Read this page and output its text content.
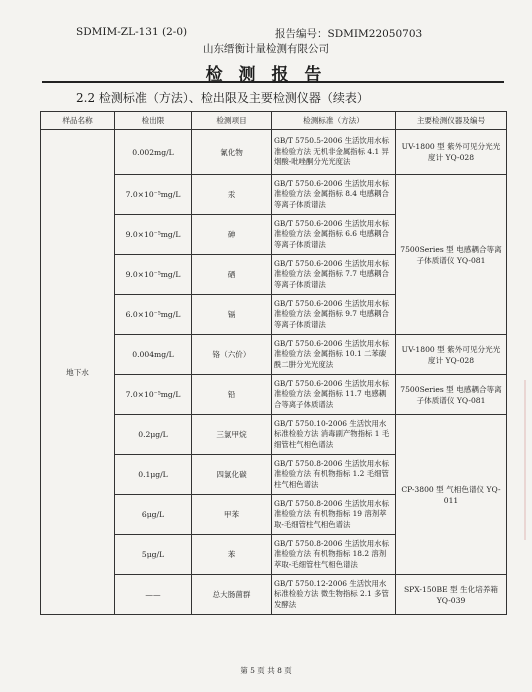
SDMIM-ZL-131 (2-0)	报告编号：SDMIM22050703
山东缙衡计量检测有限公司
检 测 报 告
2.2 检测标准（方法）、检出限及主要检测仪器（续表）
样品名称	检出限	检测项目	检测标准（方法）	主要检测仪器及编号
地下水	0.002mg/L	氰化物	GB/T 5750.5-2006 生活饮用水标准检验方法 无机非金属指标 4.1 异烟酸-吡唑酮分光光度法	UV-1800 型 紫外可见分光光度计 YQ-028
	7.0×10⁻⁵mg/L	汞	GB/T 5750.6-2006 生活饮用水标准检验方法 金属指标 8.4 电感耦合等离子体质谱法	7500Series 型 电感耦合等离子体质谱仪 YQ-081
	9.0×10⁻⁵mg/L	砷	GB/T 5750.6-2006 生活饮用水标准检验方法 金属指标 6.6 电感耦合等离子体质谱法	
	9.0×10⁻⁵mg/L	硒	GB/T 5750.6-2006 生活饮用水标准检验方法 金属指标 7.7 电感耦合等离子体质谱法	
	6.0×10⁻⁵mg/L	镉	GB/T 5750.6-2006 生活饮用水标准检验方法 金属指标 9.7 电感耦合等离子体质谱法	
	0.004mg/L	铬（六价）	GB/T 5750.6-2006 生活饮用水标准检验方法 金属指标 10.1 二苯碳酰二肼分光光度法	UV-1800 型 紫外可见分光光度计 YQ-028
	7.0×10⁻⁵mg/L	铅	GB/T 5750.6-2006 生活饮用水标准检验方法 金属指标 11.7 电感耦合等离子体质谱法	7500Series 型 电感耦合等离子体质谱仪 YQ-081
	0.2μg/L	三氯甲烷	GB/T 5750.10-2006 生活饮用水标准检验方法 消毒副产物指标 1 毛细管柱气相色谱法	CP-3800 型 气相色谱仪 YQ-011
	0.1μg/L	四氯化碳	GB/T 5750.8-2006 生活饮用水标准检验方法 有机物指标 1.2 毛细管柱气相色谱法	
	6μg/L	甲苯	GB/T 5750.8-2006 生活饮用水标准检验方法 有机物指标 19 溶剂萃取-毛细管柱气相色谱法	
	5μg/L	苯	GB/T 5750.8-2006 生活饮用水标准检验方法 有机物指标 18.2 溶剂萃取-毛细管柱气相色谱法	
	——	总大肠菌群	GB/T 5750.12-2006 生活饮用水标准检验方法 微生物指标 2.1 多管发酵法	SPX-150BE 型 生化培养箱 YQ-039
第 5 页 共 8 页
